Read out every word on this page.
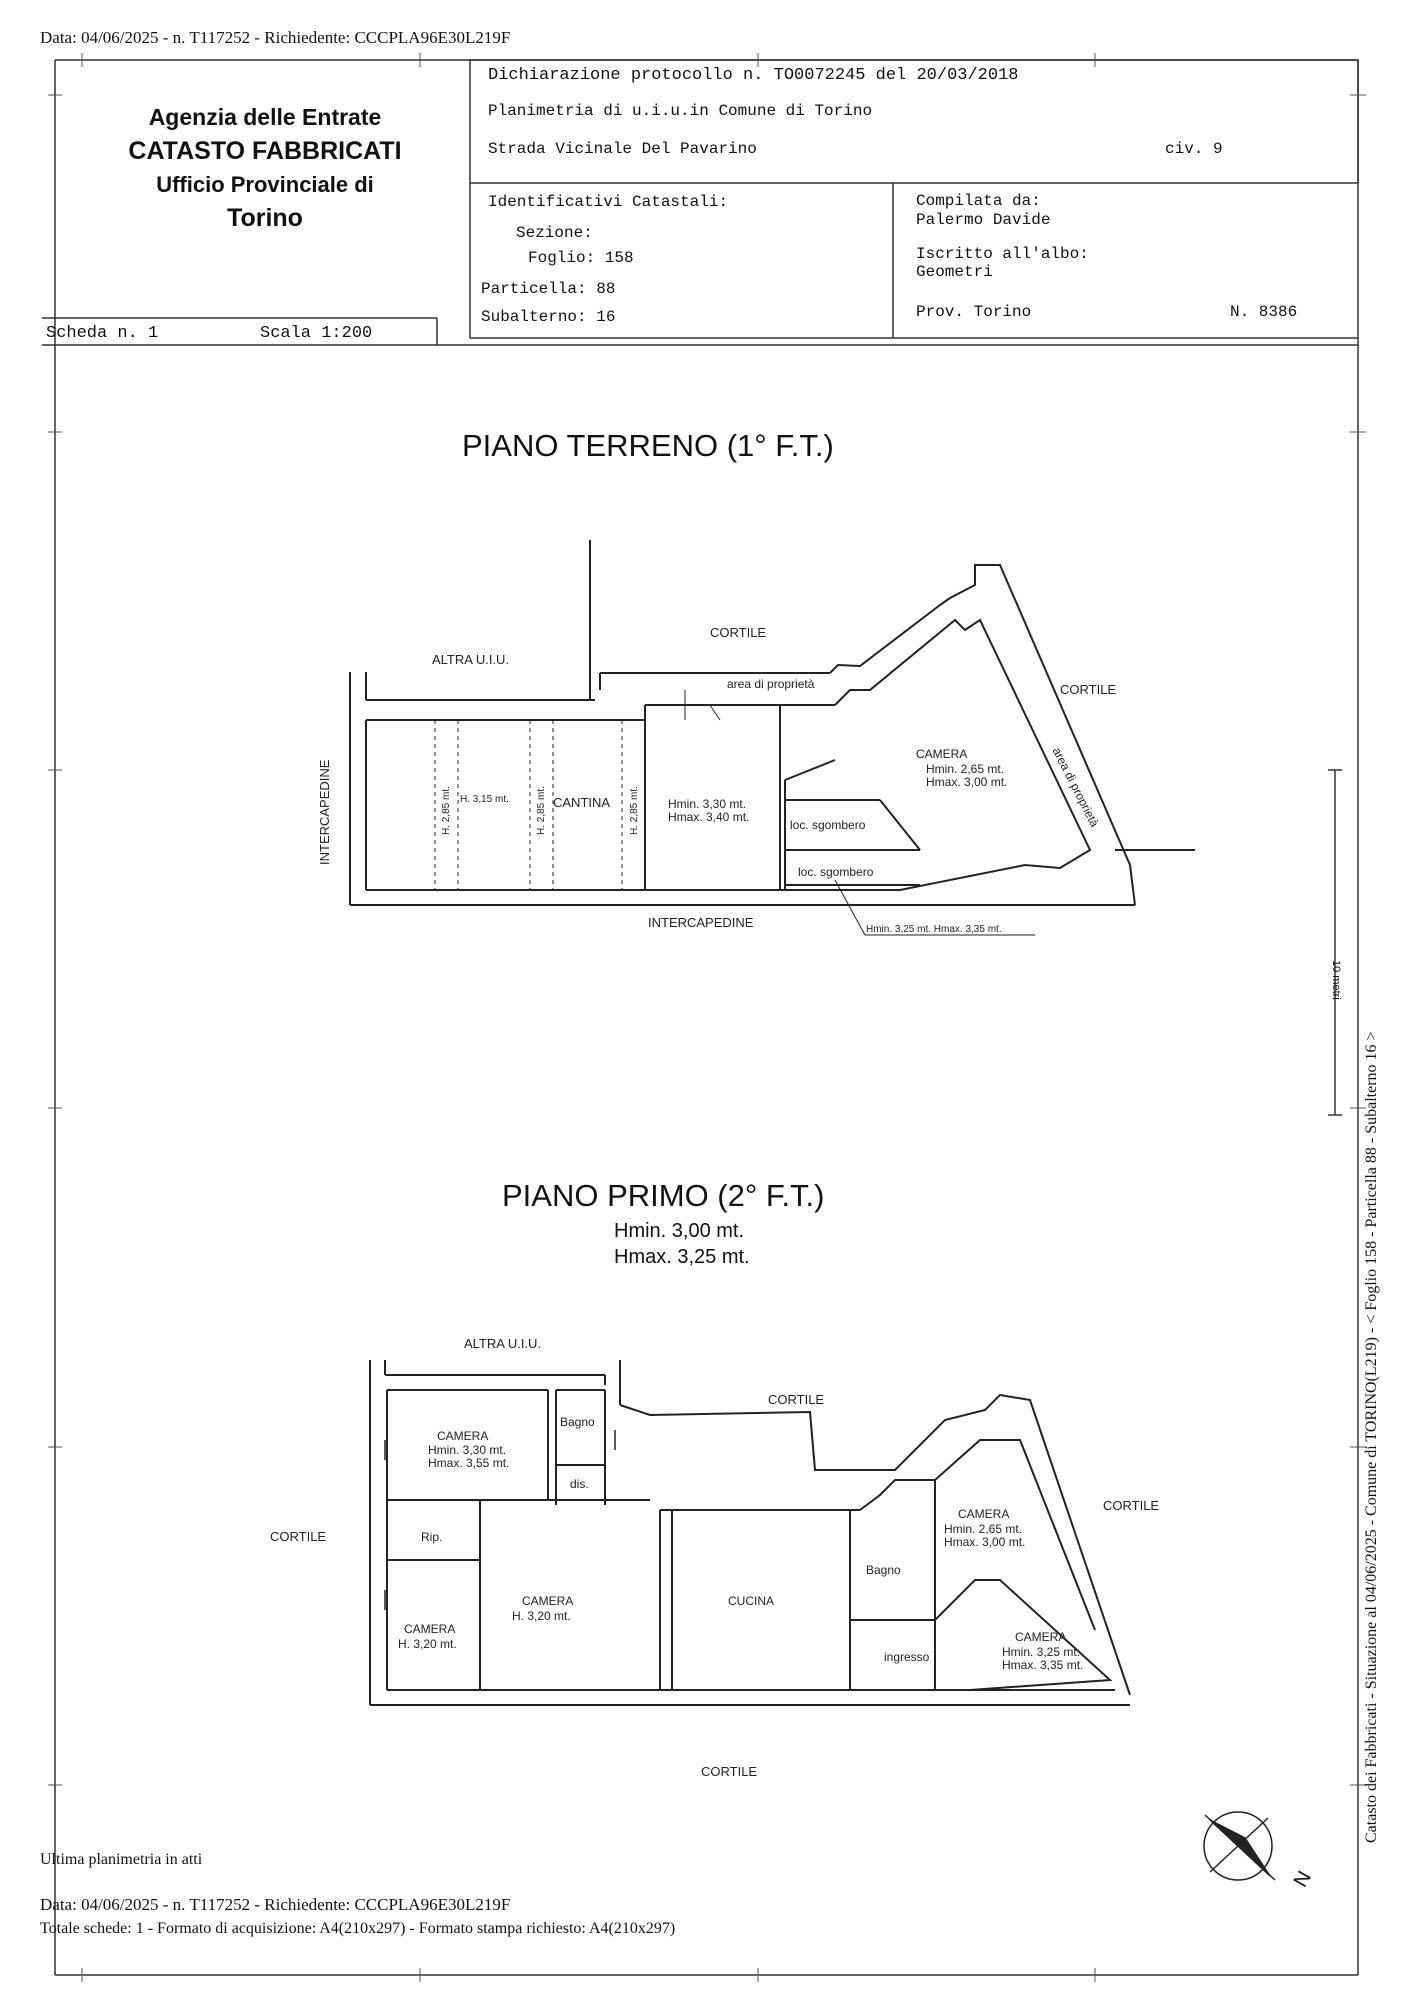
Data: 04/06/2025 - n. T117252 - Richiedente: CCCPLA96E30L219F
Agenzia delle Entrate
CATASTO FABBRICATI
Ufficio Provinciale di
Torino
Scheda n. 1	Scala 1:200
Dichiarazione protocollo n. TO0072245 del 20/03/2018
Planimetria di u.i.u.in Comune di Torino
Strada Vicinale Del Pavarino	civ. 9
Identificativi Catastali:
Sezione:
Foglio: 158
Particella: 88
Subalterno: 16
Compilata da:
Palermo Davide
Iscritto all'albo:
Geometri
Prov. Torino	N. 8386
PIANO TERRENO (1° F.T.)
CORTILE
CORTILE
ALTRA U.I.U.
area di proprietà
area di proprietà
INTERCAPEDINE
INTERCAPEDINE
H. 2,85 mt. H. 3,15 mt.	H. 2,85 mt. CANTINA H. 2,85 mt. Hmin. 3,30 mt.
Hmax. 3,40 mt.
CAMERA
Hmin. 2,65 mt.
Hmax. 3,00 mt.
loc. sgombero
loc. sgombero
Hmin. 3,25 mt. Hmax. 3,35 mt.
PIANO PRIMO (2° F.T.)
Hmin. 3,00 mt.
Hmax. 3,25 mt.
ALTRA U.I.U.
CORTILE
CORTILE
CORTILE
CORTILE
CAMERA
Hmin. 3,30 mt.
Hmax. 3,55 mt.
Bagno
dis.
Rip.
CAMERA
H. 3,20 mt.
CAMERA
H. 3,20 mt.
CUCINA
Bagno
ingresso
CAMERA
Hmin. 2,65 mt.
Hmax. 3,00 mt.
CAMERA
Hmin. 3,25 mt.
Hmax. 3,35 mt.
N
Catasto dei Fabbricati - Situazione al 04/06/2025 - Comune di TORINO(L219) - < Foglio 158 - Particella 88 - Subalterno 16 >
10 metri
Ultima planimetria in atti
Data: 04/06/2025 - n. T117252 - Richiedente: CCCPLA96E30L219F
Totale schede: 1 - Formato di acquisizione: A4(210x297) - Formato stampa richiesto: A4(210x297)
